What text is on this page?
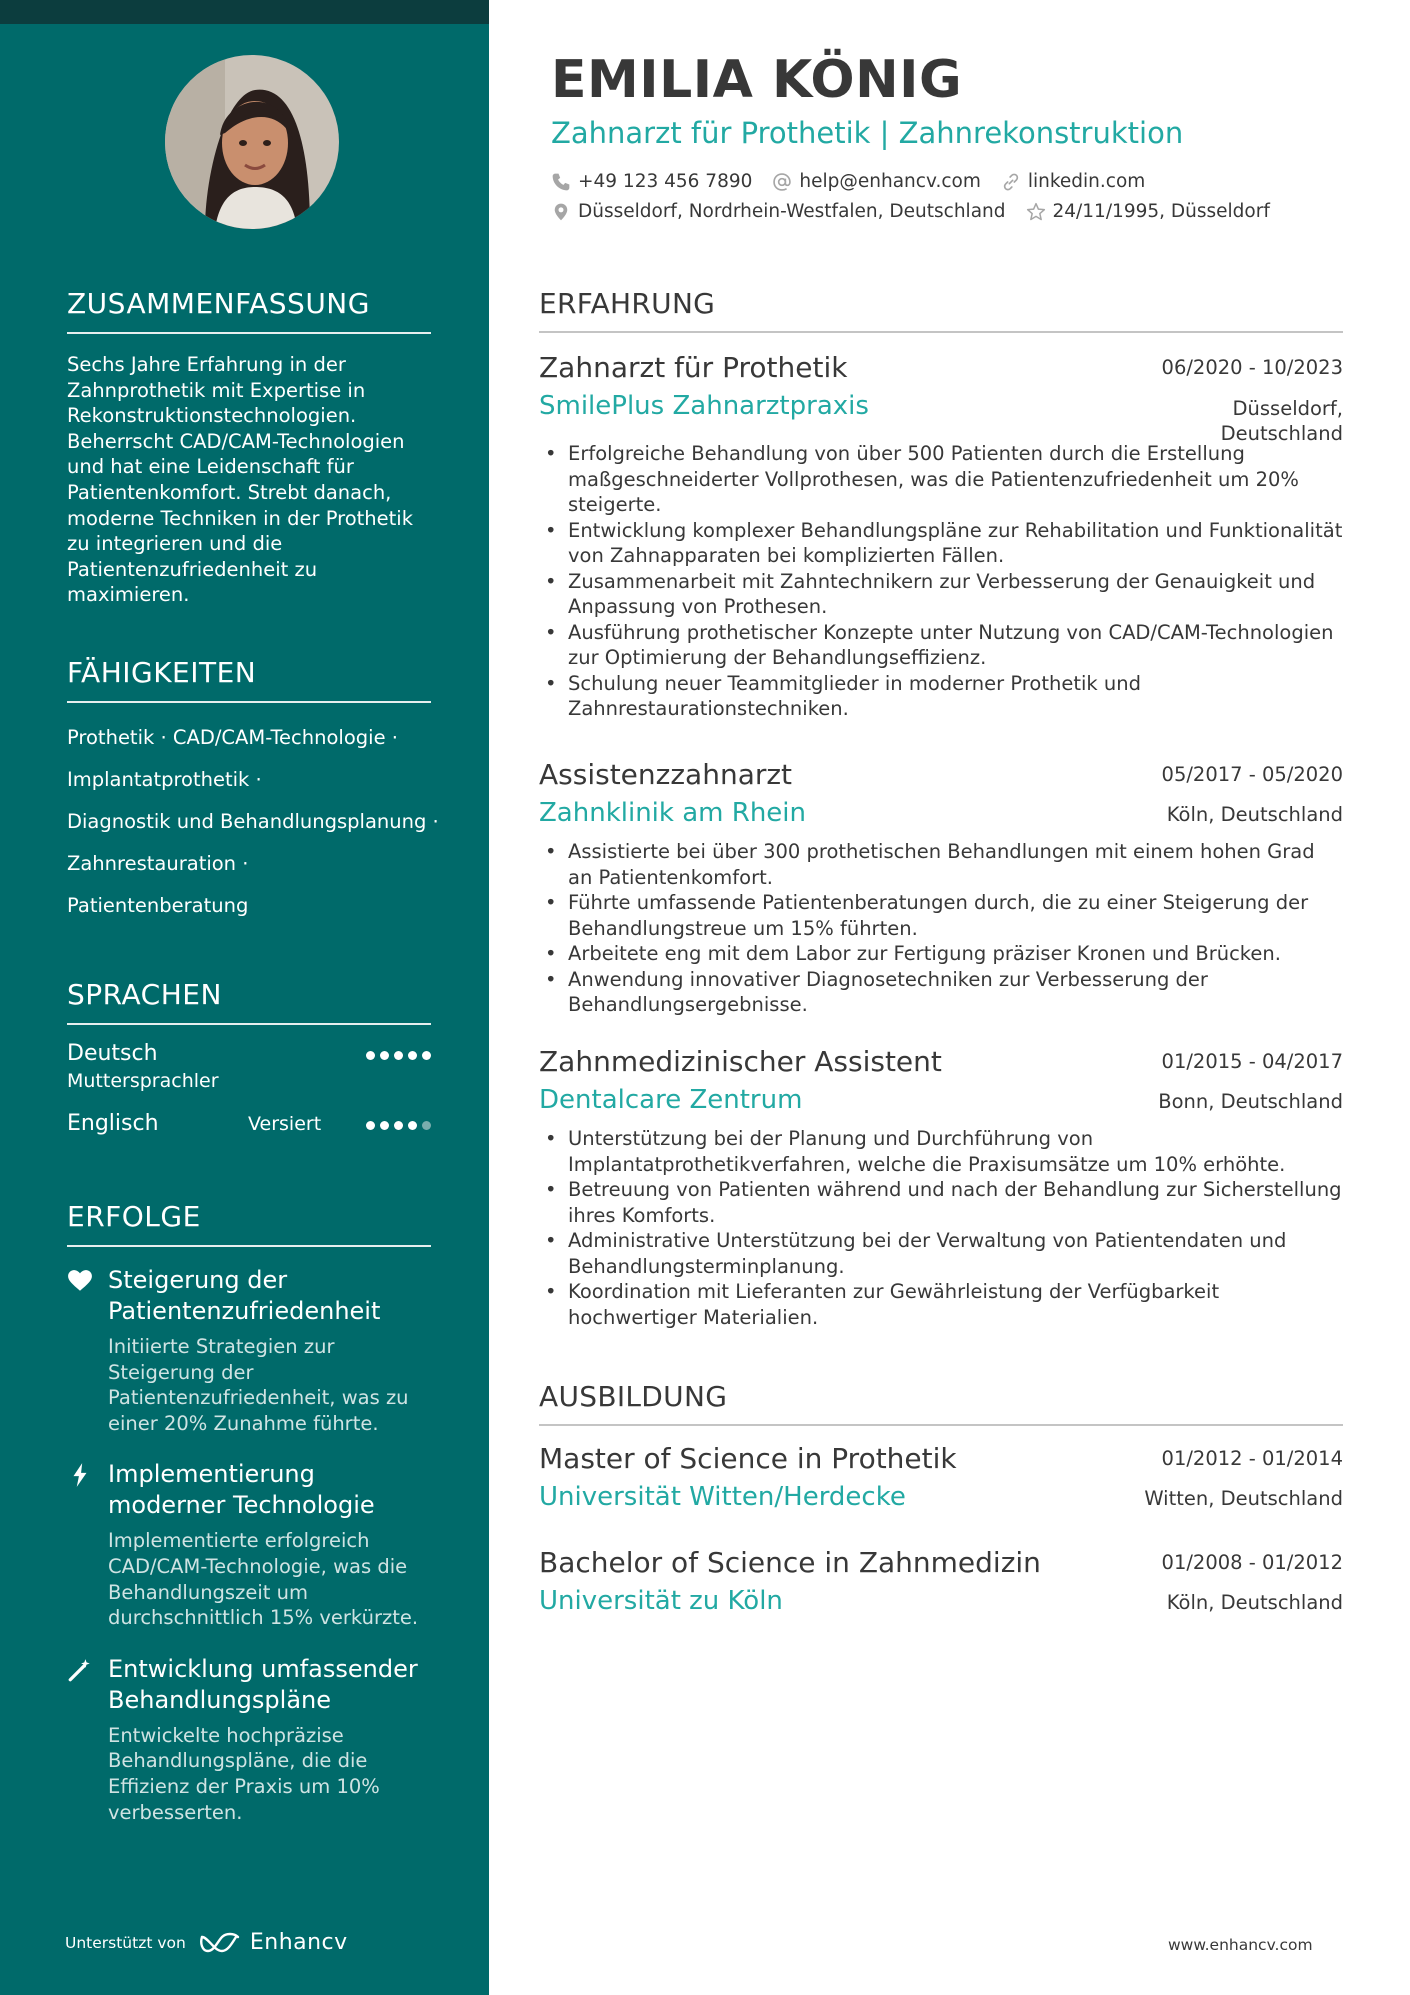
ZUSAMMENFASSUNG
Sechs Jahre Erfahrung in der Zahnprothetik mit Expertise in Rekonstruktionstechnologien. Beherrscht CAD/CAM-Technologien und hat eine Leidenschaft für Patientenkomfort. Strebt danach, moderne Techniken in der Prothetik zu integrieren und die Patientenzufriedenheit zu maximieren.
FÄHIGKEITEN
Prothetik · CAD/CAM-Technologie ·
Implantatprothetik ·
Diagnostik und Behandlungsplanung ·
Zahnrestauration ·
Patientenberatung
SPRACHEN
Deutsch
Muttersprachler
Englisch	Versiert
ERFOLGE
Steigerung der Patientenzufriedenheit
Initiierte Strategien zur Steigerung der Patientenzufriedenheit, was zu einer 20% Zunahme führte.
Implementierung moderner Technologie
Implementierte erfolgreich CAD/CAM-Technologie, was die Behandlungszeit um durchschnittlich 15% verkürzte.
Entwicklung umfassender Behandlungspläne
Entwickelte hochpräzise Behandlungspläne, die die Effizienz der Praxis um 10% verbesserten.
Unterstützt von	Enhancv
EMILIA KÖNIG
Zahnarzt für Prothetik | Zahnrekonstruktion
+49 123 456 7890	help@enhancv.com	linkedin.com
Düsseldorf, Nordrhein-Westfalen, Deutschland	24/11/1995, Düsseldorf
ERFAHRUNG
Zahnarzt für Prothetik	06/2020 - 10/2023
SmilePlus Zahnarztpraxis	Düsseldorf, Deutschland
• Erfolgreiche Behandlung von über 500 Patienten durch die Erstellung maßgeschneiderter Vollprothesen, was die Patientenzufriedenheit um 20% steigerte.
• Entwicklung komplexer Behandlungspläne zur Rehabilitation und Funktionalität von Zahnapparaten bei komplizierten Fällen.
• Zusammenarbeit mit Zahntechnikern zur Verbesserung der Genauigkeit und Anpassung von Prothesen.
• Ausführung prothetischer Konzepte unter Nutzung von CAD/CAM-Technologien zur Optimierung der Behandlungseffizienz.
• Schulung neuer Teammitglieder in moderner Prothetik und Zahnrestaurationstechniken.
Assistenzzahnarzt	05/2017 - 05/2020
Zahnklinik am Rhein	Köln, Deutschland
• Assistierte bei über 300 prothetischen Behandlungen mit einem hohen Grad an Patientenkomfort.
• Führte umfassende Patientenberatungen durch, die zu einer Steigerung der Behandlungstreue um 15% führten.
• Arbeitete eng mit dem Labor zur Fertigung präziser Kronen und Brücken.
• Anwendung innovativer Diagnosetechniken zur Verbesserung der Behandlungsergebnisse.
Zahnmedizinischer Assistent	01/2015 - 04/2017
Dentalcare Zentrum	Bonn, Deutschland
• Unterstützung bei der Planung und Durchführung von Implantatprothetikverfahren, welche die Praxisumsätze um 10% erhöhte.
• Betreuung von Patienten während und nach der Behandlung zur Sicherstellung ihres Komforts.
• Administrative Unterstützung bei der Verwaltung von Patientendaten und Behandlungsterminplanung.
• Koordination mit Lieferanten zur Gewährleistung der Verfügbarkeit hochwertiger Materialien.
AUSBILDUNG
Master of Science in Prothetik	01/2012 - 01/2014
Universität Witten/Herdecke	Witten, Deutschland
Bachelor of Science in Zahnmedizin	01/2008 - 01/2012
Universität zu Köln	Köln, Deutschland
www.enhancv.com
